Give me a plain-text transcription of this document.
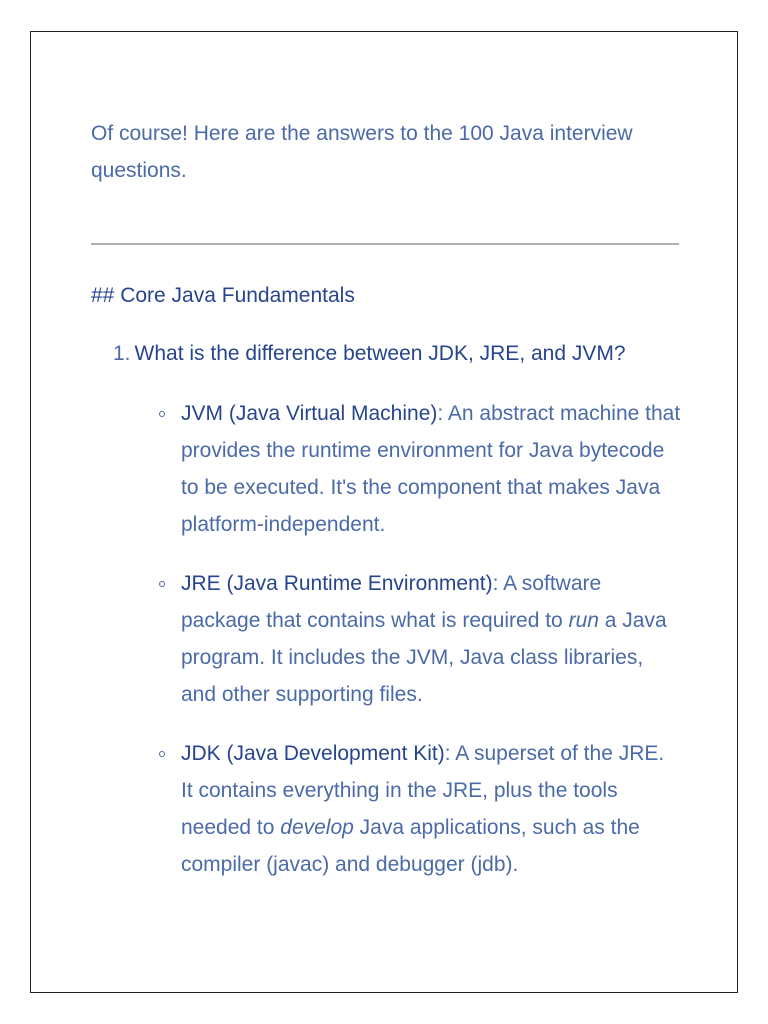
Of course! Here are the answers to the 100 Java interview questions.

## Core Java Fundamentals
1. What is the difference between JDK, JRE, and JVM?
JVM (Java Virtual Machine): An abstract machine that provides the runtime environment for Java bytecode to be executed. It's the component that makes Java platform-independent.
JRE (Java Runtime Environment): A software package that contains what is required to run a Java program. It includes the JVM, Java class libraries, and other supporting files.
JDK (Java Development Kit): A superset of the JRE. It contains everything in the JRE, plus the tools needed to develop Java applications, such as the compiler (javac) and debugger (jdb).
